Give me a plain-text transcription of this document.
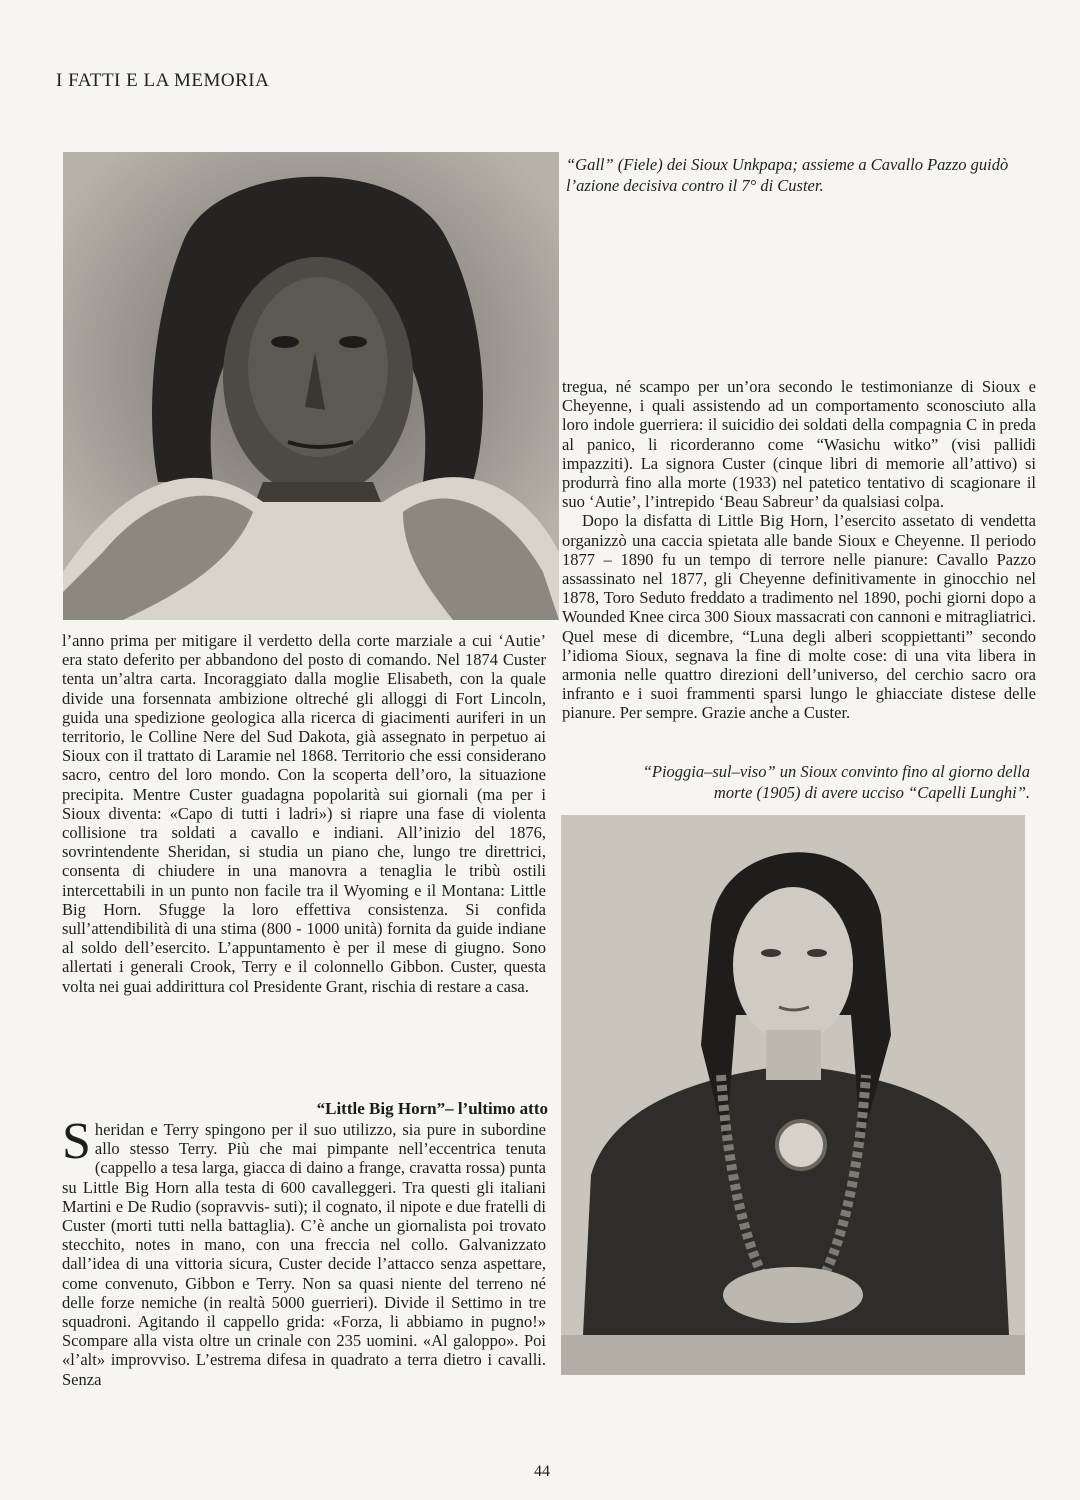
I FATTI E LA MEMORIA
“Gall” (Fiele) dei Sioux Unkpapa; assieme a Cavallo Pazzo guidò l’azione decisiva contro il 7° di Custer.

tregua, né scampo per un’ora secondo le testimonianze di Sioux e Cheyenne, i quali assistendo ad un comportamento sconosciuto alla loro indole guerriera: il suicidio dei soldati della compagnia C in preda al panico, li ricorderanno come “Wasichu witko” (visi pallidi impazziti). La signora Custer (cinque libri di memorie all’attivo) si produrrà fino alla morte (1933) nel patetico tentativo di scagionare il suo ‘Autie’, l’intrepido ‘Beau Sabreur’ da qualsiasi colpa.

Dopo la disfatta di Little Big Horn, l’esercito assetato di vendetta organizzò una caccia spietata alle bande Sioux e Cheyenne. Il periodo 1877 – 1890 fu un tempo di terrore nelle pianure: Cavallo Pazzo assassinato nel 1877, gli Cheyenne definitivamente in ginocchio nel 1878, Toro Seduto freddato a tradimento nel 1890, pochi giorni dopo a Wounded Knee circa 300 Sioux massacrati con cannoni e mitragliatrici. Quel mese di dicembre, “Luna degli alberi scoppiettanti” secondo l’idioma Sioux, segnava la fine di molte cose: di una vita libera in armonia nelle quattro direzioni dell’universo, del cerchio sacro ora infranto e i suoi frammenti sparsi lungo le ghiacciate distese delle pianure. Per sempre. Grazie anche a Custer.

“Pioggia–sul–viso” un Sioux convinto fino al giorno della morte (1905) di avere ucciso “Capelli Lunghi”.

l’anno prima per mitigare il verdetto della corte marziale a cui ‘Autie’ era stato deferito per abbandono del posto di comando. Nel 1874 Custer tenta un’altra carta. Incoraggiato dalla moglie Elisabeth, con la quale divide una forsennata ambizione oltreché gli alloggi di Fort Lincoln, guida una spedizione geologica alla ricerca di giacimenti auriferi in un territorio, le Colline Nere del Sud Dakota, già assegnato in perpetuo ai Sioux con il trattato di Laramie nel 1868. Territorio che essi considerano sacro, centro del loro mondo. Con la scoperta dell’oro, la situazione precipita. Mentre Custer guadagna popolarità sui giornali (ma per i Sioux diventa: «Capo di tutti i ladri») si riapre una fase di violenta collisione tra soldati a cavallo e indiani. All’inizio del 1876, sovrintendente Sheridan, si studia un piano che, lungo tre direttrici, consenta di chiudere in una manovra a tenaglia le tribù ostili intercettabili in un punto non facile tra il Wyoming e il Montana: Little Big Horn. Sfugge la loro effettiva consistenza. Si confida sull’attendibilità di una stima (800 - 1000 unità) fornita da guide indiane al soldo dell’esercito. L’appuntamento è per il mese di giugno. Sono allertati i generali Crook, Terry e il colonnello Gibbon. Custer, questa volta nei guai addirittura col Presidente Grant, rischia di restare a casa.

“Little Big Horn”– l’ultimo atto

S heridan e Terry spingono per il suo utilizzo, sia pure in subordine allo stesso Terry. Più che mai pimpante nell’eccentrica tenuta (cappello a tesa larga, giacca di daino a frange, cravatta rossa) punta su Little Big Horn alla testa di 600 cavalleggeri. Tra questi gli italiani Martini e De Rudio (sopravvis- suti); il cognato, il nipote e due fratelli di Custer (morti tutti nella battaglia). C’è anche un giornalista poi trovato stecchito, notes in mano, con una freccia nel collo. Galvanizzato dall’idea di una vittoria sicura, Custer decide l’attacco senza aspettare, come convenuto, Gibbon e Terry. Non sa quasi niente del terreno né delle forze nemiche (in realtà 5000 guerrieri). Divide il Settimo in tre squadroni. Agitando il cappello grida: «Forza, li abbiamo in pugno!» Scompare alla vista oltre un crinale con 235 uomini. «Al galoppo». Poi «l’alt» improvviso. L’estrema difesa in quadrato a terra dietro i cavalli. Senza

44
